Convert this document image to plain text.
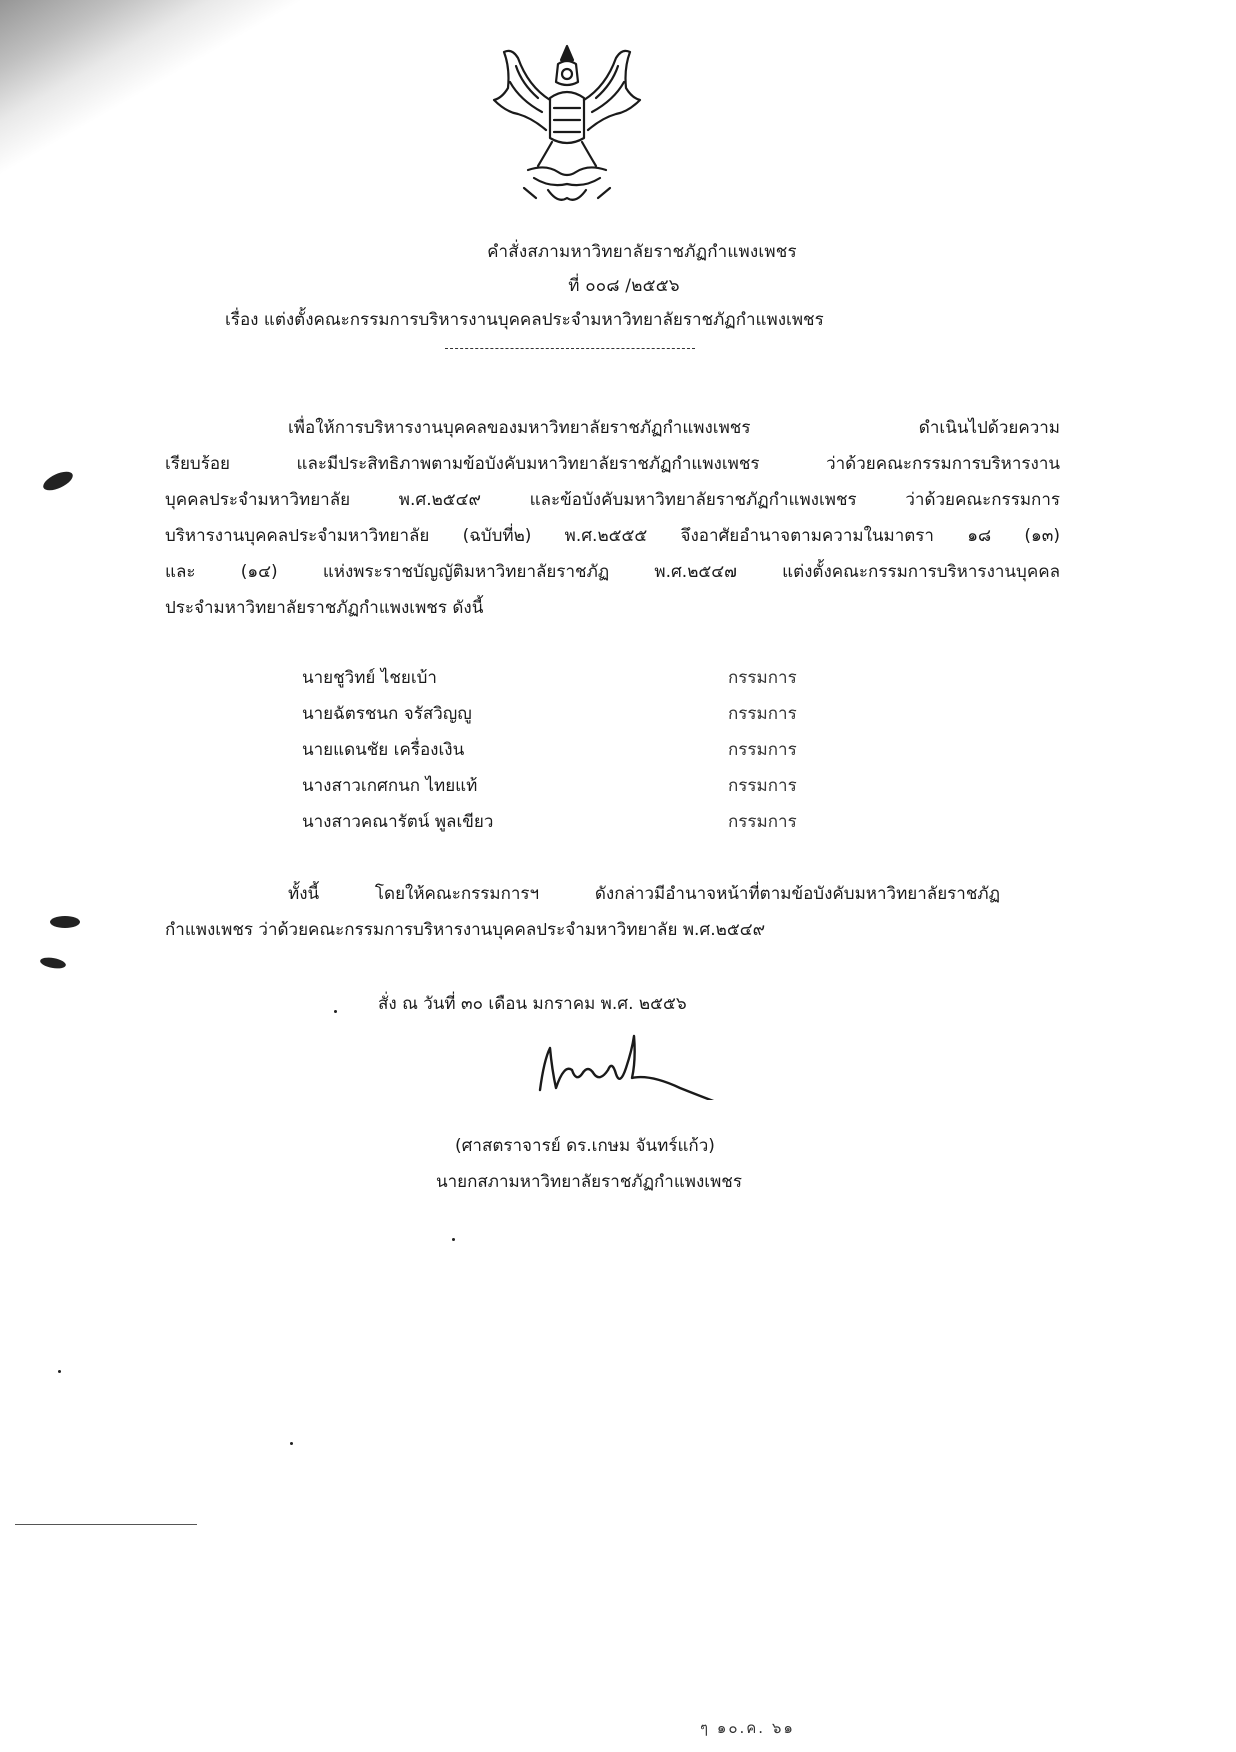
คำสั่งสภามหาวิทยาลัยราชภัฏกำแพงเพชร
ที่ ๐๐๘ /๒๕๕๖
เรื่อง แต่งตั้งคณะกรรมการบริหารงานบุคคลประจำมหาวิทยาลัยราชภัฏกำแพงเพชร
เพื่อให้การบริหารงานบุคคลของมหาวิทยาลัยราชภัฏกำแพงเพชร ดำเนินไปด้วยความ
เรียบร้อย และมีประสิทธิภาพตามข้อบังคับมหาวิทยาลัยราชภัฏกำแพงเพชร ว่าด้วยคณะกรรมการบริหารงาน
บุคคลประจำมหาวิทยาลัย พ.ศ.๒๕๔๙ และข้อบังคับมหาวิทยาลัยราชภัฏกำแพงเพชร ว่าด้วยคณะกรรมการ
บริหารงานบุคคลประจำมหาวิทยาลัย (ฉบับที่๒) พ.ศ.๒๕๕๕ จึงอาศัยอำนาจตามความในมาตรา ๑๘ (๑๓)
และ (๑๔) แห่งพระราชบัญญัติมหาวิทยาลัยราชภัฏ พ.ศ.๒๕๔๗ แต่งตั้งคณะกรรมการบริหารงานบุคคล
ประจำมหาวิทยาลัยราชภัฏกำแพงเพชร ดังนี้
นายชูวิทย์ ไชยเบ้า	กรรมการ
นายฉัตรชนก จรัสวิญญู	กรรมการ
นายแดนชัย เครื่องเงิน	กรรมการ
นางสาวเกศกนก ไทยแท้	กรรมการ
นางสาวคณารัตน์ พูลเขียว	กรรมการ
ทั้งนี้ โดยให้คณะกรรมการฯ ดังกล่าวมีอำนาจหน้าที่ตามข้อบังคับมหาวิทยาลัยราชภัฏ
กำแพงเพชร ว่าด้วยคณะกรรมการบริหารงานบุคคลประจำมหาวิทยาลัย พ.ศ.๒๕๔๙
สั่ง ณ วันที่ ๓๐ เดือน มกราคม พ.ศ. ๒๕๕๖
(ศาสตราจารย์ ดร.เกษม จันทร์แก้ว)
นายกสภามหาวิทยาลัยราชภัฏกำแพงเพชร
ๆ ๑๐.ค. ๖๑
